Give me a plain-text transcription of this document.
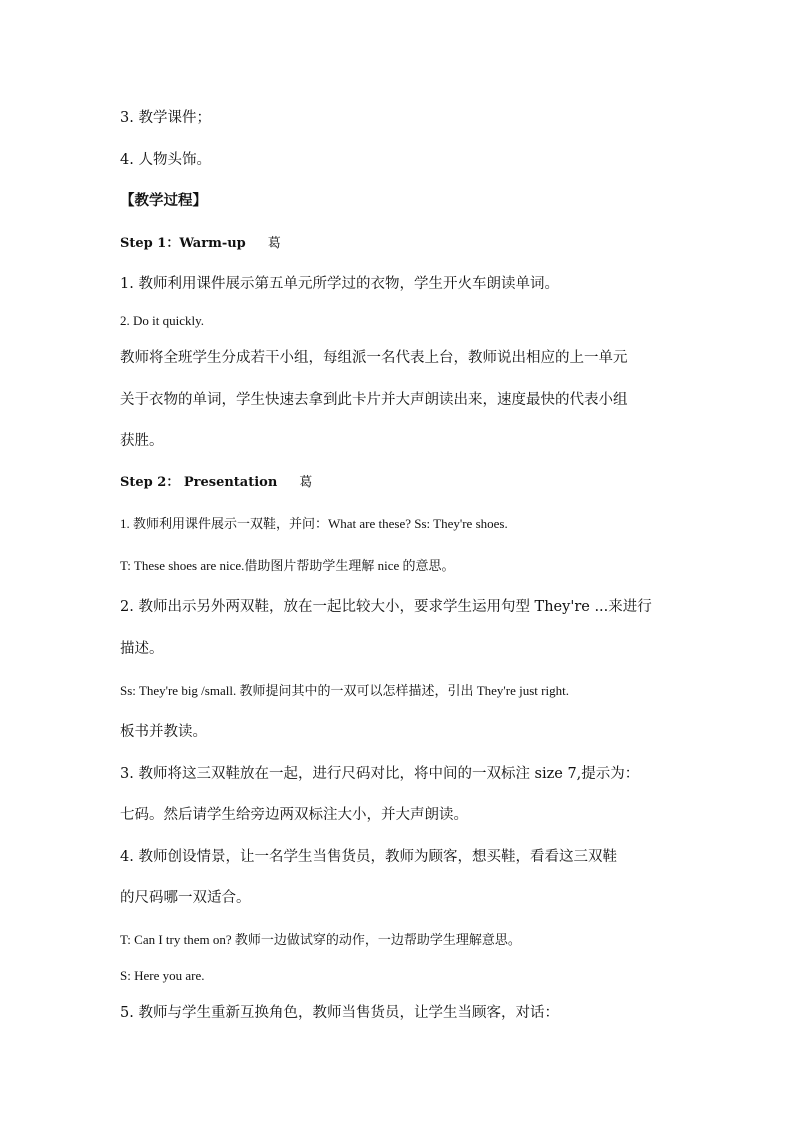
3. 教学课件；
4. 人物头饰。
【教学过程】
Step 1：Warm-up 葛
1. 教师利用课件展示第五单元所学过的衣物，学生开火车朗读单词。
2. Do it quickly.
教师将全班学生分成若干小组，每组派一名代表上台，教师说出相应的上一单元
关于衣物的单词，学生快速去拿到此卡片并大声朗读出来，速度最快的代表小组
获胜。
Step 2： Presentation 葛
1. 教师利用课件展示一双鞋，并问：What are these? Ss: They're shoes.
T: These shoes are nice.借助图片帮助学生理解 nice 的意思。
2. 教师出示另外两双鞋，放在一起比较大小，要求学生运用句型 They're ...来进行
描述。
Ss: They're big /small. 教师提问其中的一双可以怎样描述，引出 They're just right.
板书并教读。
3. 教师将这三双鞋放在一起，进行尺码对比，将中间的一双标注 size 7,提示为：
七码。然后请学生给旁边两双标注大小，并大声朗读。
4. 教师创设情景，让一名学生当售货员，教师为顾客，想买鞋，看看这三双鞋
的尺码哪一双适合。
T: Can I try them on? 教师一边做试穿的动作，一边帮助学生理解意思。
S: Here you are.
5. 教师与学生重新互换角色，教师当售货员，让学生当顾客，对话：
